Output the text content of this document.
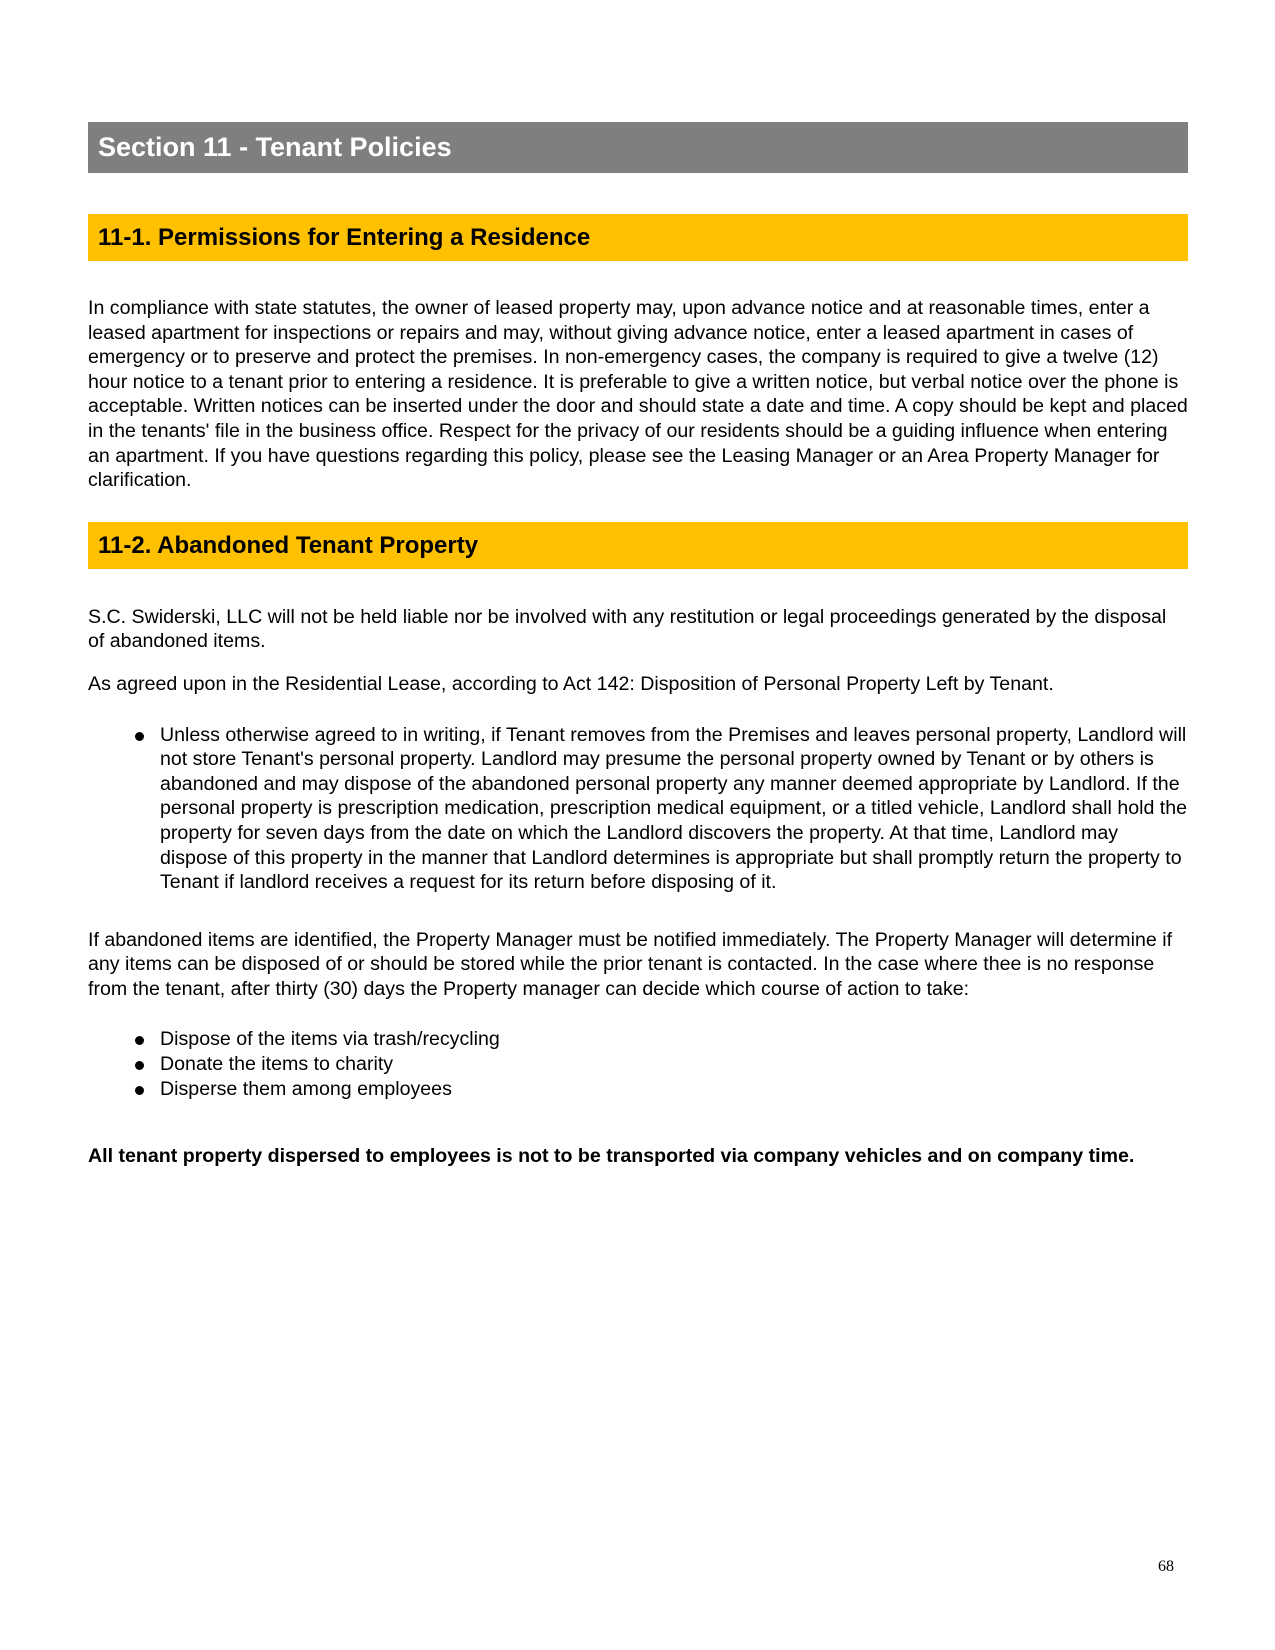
Section 11 - Tenant Policies
11-1. Permissions for Entering a Residence

In compliance with state statutes, the owner of leased property may, upon advance notice and at reasonable times, enter a leased apartment for inspections or repairs and may, without giving advance notice, enter a leased apartment in cases of emergency or to preserve and protect the premises. In non-emergency cases, the company is required to give a twelve (12) hour notice to a tenant prior to entering a residence. It is preferable to give a written notice, but verbal notice over the phone is acceptable. Written notices can be inserted under the door and should state a date and time. A copy should be kept and placed in the tenants' file in the business office. Respect for the privacy of our residents should be a guiding influence when entering an apartment. If you have questions regarding this policy, please see the Leasing Manager or an Area Property Manager for clarification.

11-2. Abandoned Tenant Property

S.C. Swiderski, LLC will not be held liable nor be involved with any restitution or legal proceedings generated by the disposal of abandoned items.

As agreed upon in the Residential Lease, according to Act 142: Disposition of Personal Property Left by Tenant.

Unless otherwise agreed to in writing, if Tenant removes from the Premises and leaves personal property, Landlord will not store Tenant's personal property. Landlord may presume the personal property owned by Tenant or by others is abandoned and may dispose of the abandoned personal property any manner deemed appropriate by Landlord. If the personal property is prescription medication, prescription medical equipment, or a titled vehicle, Landlord shall hold the property for seven days from the date on which the Landlord discovers the property. At that time, Landlord may dispose of this property in the manner that Landlord determines is appropriate but shall promptly return the property to Tenant if landlord receives a request for its return before disposing of it.

If abandoned items are identified, the Property Manager must be notified immediately. The Property Manager will determine if any items can be disposed of or should be stored while the prior tenant is contacted. In the case where thee is no response from the tenant, after thirty (30) days the Property manager can decide which course of action to take:

Dispose of the items via trash/recycling
Donate the items to charity
Disperse them among employees

All tenant property dispersed to employees is not to be transported via company vehicles and on company time.

68
